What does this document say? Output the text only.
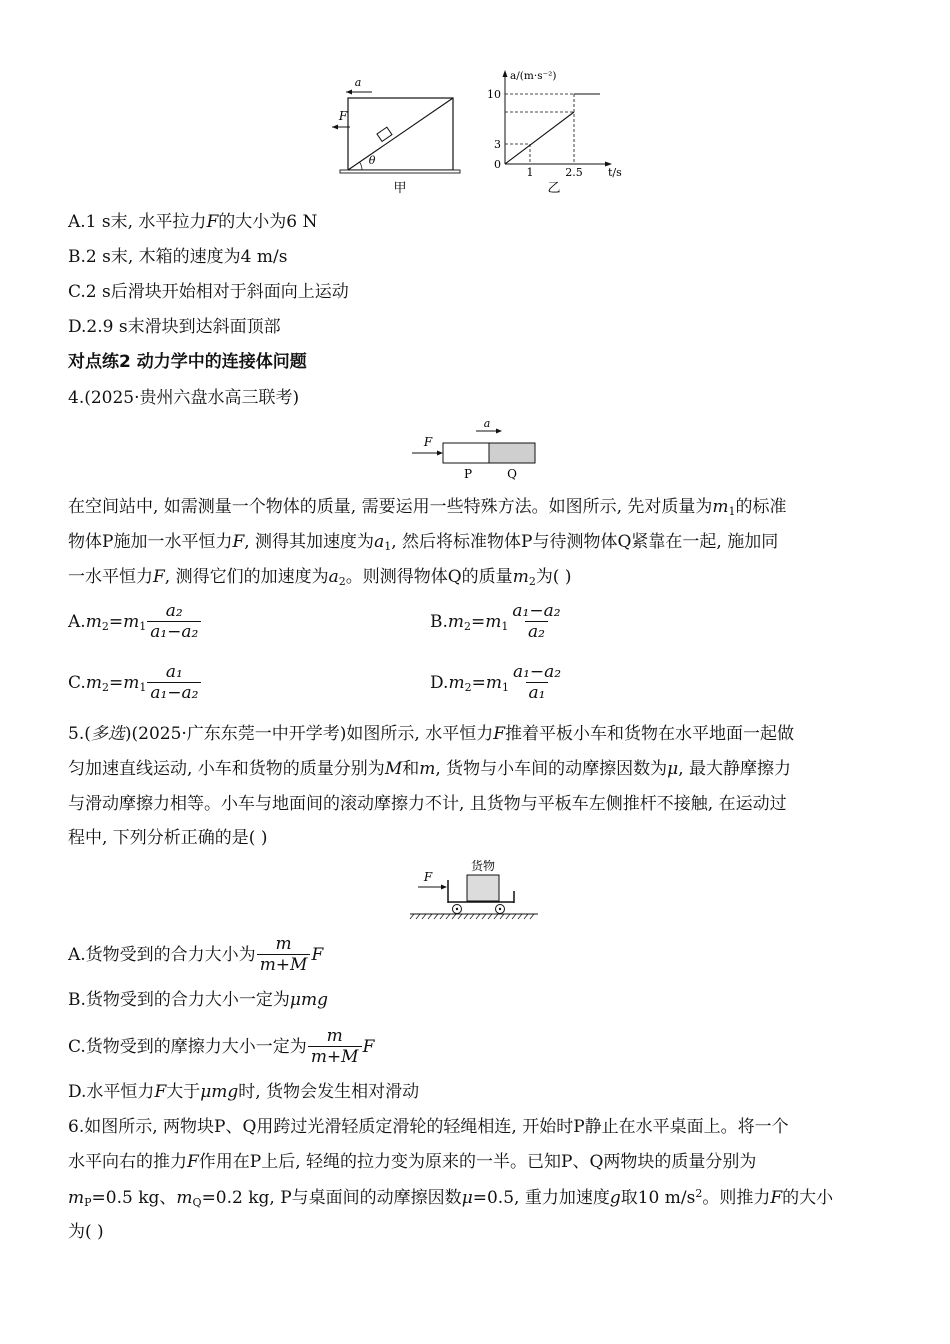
a
F
θ
甲
a/(m·s⁻²)
t/s
10
3
0
1	2.5
乙
A.1 s末, 水平拉力F的大小为6 N
B.2 s末, 木箱的速度为4 m/s
C.2 s后滑块开始相对于斜面向上运动
D.2.9 s末滑块到达斜面顶部
对点练2 动力学中的连接体问题
4.(2025·贵州六盘水高三联考)
a
F
P	Q
在空间站中, 如需测量一个物体的质量, 需要运用一些特殊方法。如图所示, 先对质量为$m_1$的标准
物体P施加一水平恒力F, 测得其加速度为$a_1$, 然后将标准物体P与待测物体Q紧靠在一起, 施加同
一水平恒力F, 测得它们的加速度为$a_2$。则测得物体Q的质量$m_2$为( )
$A.m_2=m_1 \frac{\text{a₂}}{\text{a₁−a₂}}$	$B.m_2=m_1 \frac{\text{a₁−a₂}}{\text{a₂}}$
$C.m_2=m_1 \frac{\text{a₁}}{\text{a₁−a₂}}$	$D.m_2=m_1 \frac{\text{a₁−a₂}}{\text{a₁}}$
5.(多选)(2025·广东东莞一中开学考)如图所示, 水平恒力F推着平板小车和货物在水平地面一起做
匀加速直线运动, 小车和货物的质量分别为M和m, 货物与小车间的动摩擦因数为μ, 最大静摩擦力
与滑动摩擦力相等。小车与地面间的滚动摩擦力不计, 且货物与平板车左侧推杆不接触, 在运动过
程中, 下列分析正确的是( )
货物
F
A.货物受到的合力大小为 $\frac{m}{m+M}$ F
B.货物受到的合力大小一定为μmg
C.货物受到的摩擦力大小一定为 $\frac{m}{m+M}$ F
D.水平恒力F大于μmg时, 货物会发生相对滑动
6.如图所示, 两物块P、Q用跨过光滑轻质定滑轮的轻绳相连, 开始时P静止在水平桌面上。将一个
水平向右的推力F作用在P上后, 轻绳的拉力变为原来的一半。已知P、Q两物块的质量分别为
$m_P=0.5$ kg、$m_Q=0.2$ kg, P与桌面间的动摩擦因数μ=0.5, 重力加速度g取10 $m/s^2$。则推力F的大小
为( )
